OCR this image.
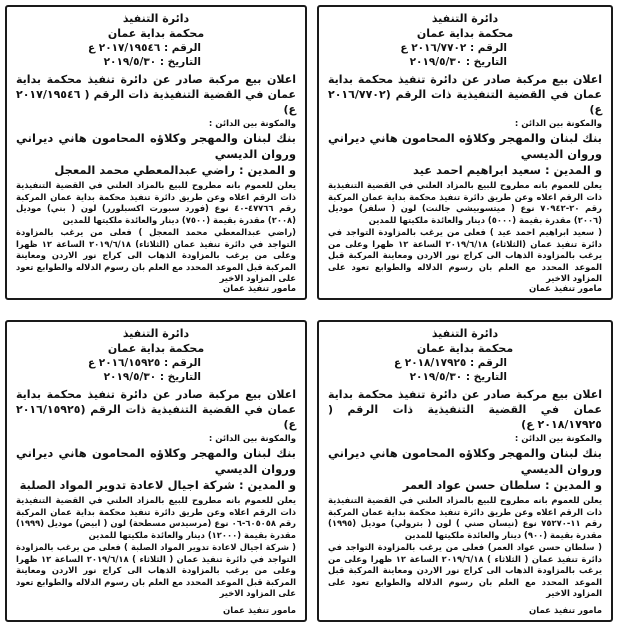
دائرة التنفيذ
محكمة بداية عمان
الرقم : ٢٠١٦/٧٧٠٢ ع
التاريخ : ٢٠١٩/٥/٣٠
اعلان بيع مركبة صادر عن دائرة تنفيذ محكمة بداية عمان في القضية التنفيذية ذات الرقم (٢٠١٦/٧٧٠٢ ع)
والمكونة بين الدائن :
بنك لبنان والمهجر وكلاؤه المحامون هاني ديراني وروان الديسي
و المدين : سعيد ابراهيم احمد عيد

يعلن للعموم بانه مطروح للبيع بالمزاد العلني في القضية التنفيذية ذات الرقم اعلاه وعن طريق دائرة تنفيذ محكمة بداية عمان المركبة رقم ٢٠-٧٠٩٤٢ نوع ( ميتسوبيشي جالنت) لون ( سلفر) موديل (٢٠٠٦) مقدرة بقيمة (٥٠٠٠) دينار والعائدة ملكيتها للمدين

( سعيد ابراهيم احمد عيد ) فعلى من يرغب بالمزاودة التواجد في دائرة تنفيذ عمان (الثلاثاء) ٢٠١٩/٦/١٨ الساعة ١٢ ظهرا وعلى من يرغب بالمزاودة الذهاب الى كراج نور الاردن ومعاينة المركبة قبل الموعد المحدد مع العلم بان رسوم الدلاله والطوابع تعود على المزاود الاخير

مامور تنفيذ عمان
دائرة التنفيذ
محكمة بداية عمان
الرقم : ٢٠١٧/١٩٥٤٦ ع
التاريخ : ٢٠١٩/٥/٣٠
اعلان بيع مركبة صادر عن دائرة تنفيذ محكمة بداية عمان في القضية التنفيذية ذات الرقم ( ٢٠١٧/١٩٥٤٦ ع)
والمكونة بين الدائن :
بنك لبنان والمهجر وكلاؤه المحامون هاني ديراني وروان الديسي
و المدين : راضي عبدالمعطي محمد المعجل

يعلن للعموم بانه مطروح للبيع بالمزاد العلني في القضية التنفيذية ذات الرقم اعلاه وعن طريق دائرة تنفيذ محكمة بداية عمان المركبة رقم ٤٧٧٦٦-٤٠ نوع (فورد سبورت اكسبلورر) لون ( بني) موديل (٢٠٠٨) مقدرة بقيمة (٧٥٠٠) دينار والعائدة ملكيتها للمدين

(راضي عبدالمعطي محمد المعجل ) فعلى من يرغب بالمزاودة التواجد في دائرة تنفيذ عمان (الثلاثاء) ٢٠١٩/٦/١٨ الساعة ١٢ ظهرا وعلى من يرغب بالمزاودة الذهاب الى كراج نور الاردن ومعاينة المركبة قبل الموعد المحدد مع العلم بان رسوم الدلاله والطوابع تعود على المزاود الاخير

مامور تنفيذ عمان
دائرة التنفيذ
محكمة بداية عمان
الرقم : ٢٠١٨/١٧٩٢٥ ع
التاريخ : ٢٠١٩/٥/٣٠
اعلان بيع مركبة صادر عن دائرة تنفيذ محكمة بداية عمان في القضية التنفيذية ذات الرقم ( ٢٠١٨/١٧٩٢٥ ع)
والمكونة بين الدائن :
بنك لبنان والمهجر وكلاؤه المحامون هاني ديراني وروان الديسي
و المدين : سلطان حسن عواد العمر

يعلن للعموم بانه مطروح للبيع بالمزاد العلني في القضية التنفيذية ذات الرقم اعلاه وعن طريق دائرة تنفيذ محكمة بداية عمان المركبة رقم ١١-٧٥٢٧٠ نوع (نيسان صني ) لون ( بترولي) موديل (١٩٩٥) مقدرة بقيمة (٩٠٠) دينار والعائدة ملكيتها للمدين

( سلطان حسن عواد العمر) فعلى من يرغب بالمزاودة التواجد في دائرة تنفيذ عمان ( الثلاثاء ) ٢٠١٩/٦/١٨ الساعة ١٢ ظهرا وعلى من يرغب بالمزاودة الذهاب الى كراج نور الاردن ومعاينة المركبة قبل الموعد المحدد مع العلم بان رسوم الدلاله والطوابع تعود على المزاود الاخير

مامور تنفيذ عمان
دائرة التنفيذ
محكمة بداية عمان
الرقم : ٢٠١٦/١٥٩٢٥ ع
التاريخ : ٢٠١٩/٥/٣٠
اعلان بيع مركبة صادر عن دائرة تنفيذ محكمة بداية عمان في القضية التنفيذية ذات الرقم (٢٠١٦/١٥٩٢٥ ع)
والمكونة بين الدائن :
بنك لبنان والمهجر وكلاؤه المحامون هاني ديراني وروان الديسي
و المدين : شركة اجيال لاعادة تدوير المواد الصلبة

يعلن للعموم بانه مطروح للبيع بالمزاد العلني في القضية التنفيذية ذات الرقم اعلاه وعن طريق دائرة تنفيذ محكمة بداية عمان المركبة رقم ٦٠٥٠٥٨-٠٦ نوع (مرسيدس مسطحة) لون ( ابيض) موديل (١٩٩٩) مقدرة بقيمة (١٢٠٠٠) دينار والعائدة ملكيتها للمدين

( شركة اجيال لاعادة تدوير المواد الصلبة ) فعلى من يرغب بالمزاودة التواجد في دائرة تنفيذ عمان ( الثلاثاء ) ٢٠١٩/٦/١٨ الساعة ١٢ ظهرا وعلى من يرغب بالمزاودة الذهاب الى كراج نور الاردن ومعاينة المركبة قبل الموعد المحدد مع العلم بان رسوم الدلاله والطوابع تعود على المزاود الاخير

مامور تنفيذ عمان
